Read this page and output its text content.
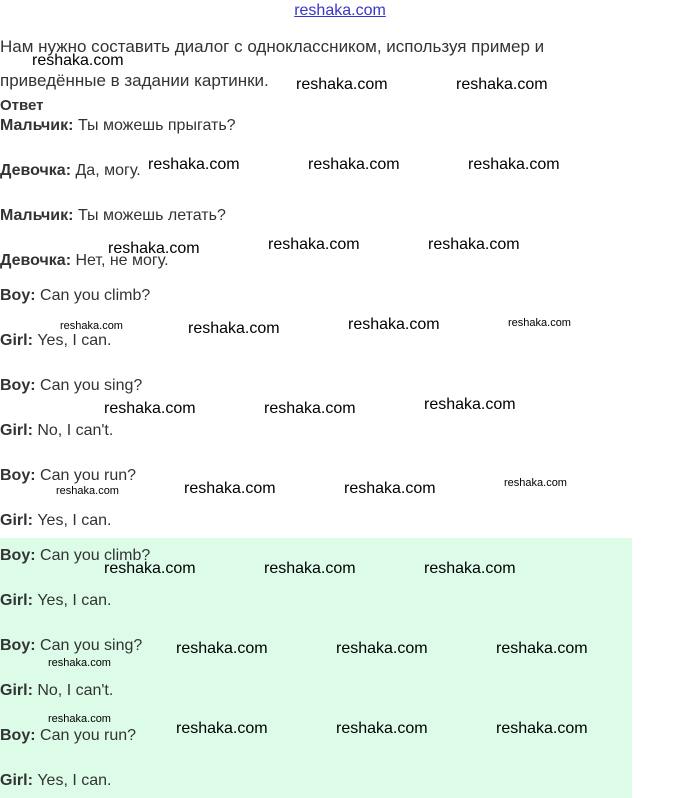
reshaka.com
Нам нужно составить диалог с одноклассником, используя пример и
приведённые в задании картинки.
Ответ
Мальчик: Ты можешь прыгать?
Девочка: Да, могу.
Мальчик: Ты можешь летать?
Девочка: Нет, не могу.
Boy: Can you climb?
Girl: Yes, I can.
Boy: Can you sing?
Girl: No, I can't.
Boy: Can you run?
Girl: Yes, I can.
Boy: Can you climb?
Girl: Yes, I can.
Boy: Can you sing?
Girl: No, I can't.
Boy: Can you run?
Girl: Yes, I can.
reshaka.com
reshaka.com	reshaka.com
reshaka.com	reshaka.com	reshaka.com
reshaka.com	reshaka.com	reshaka.com
reshaka.com	reshaka.com	reshaka.com	reshaka.com
reshaka.com	reshaka.com	reshaka.com
reshaka.com	reshaka.com	reshaka.com	reshaka.com
reshaka.com	reshaka.com	reshaka.com
reshaka.com	reshaka.com	reshaka.com
reshaka.com
reshaka.com
reshaka.com	reshaka.com	reshaka.com
